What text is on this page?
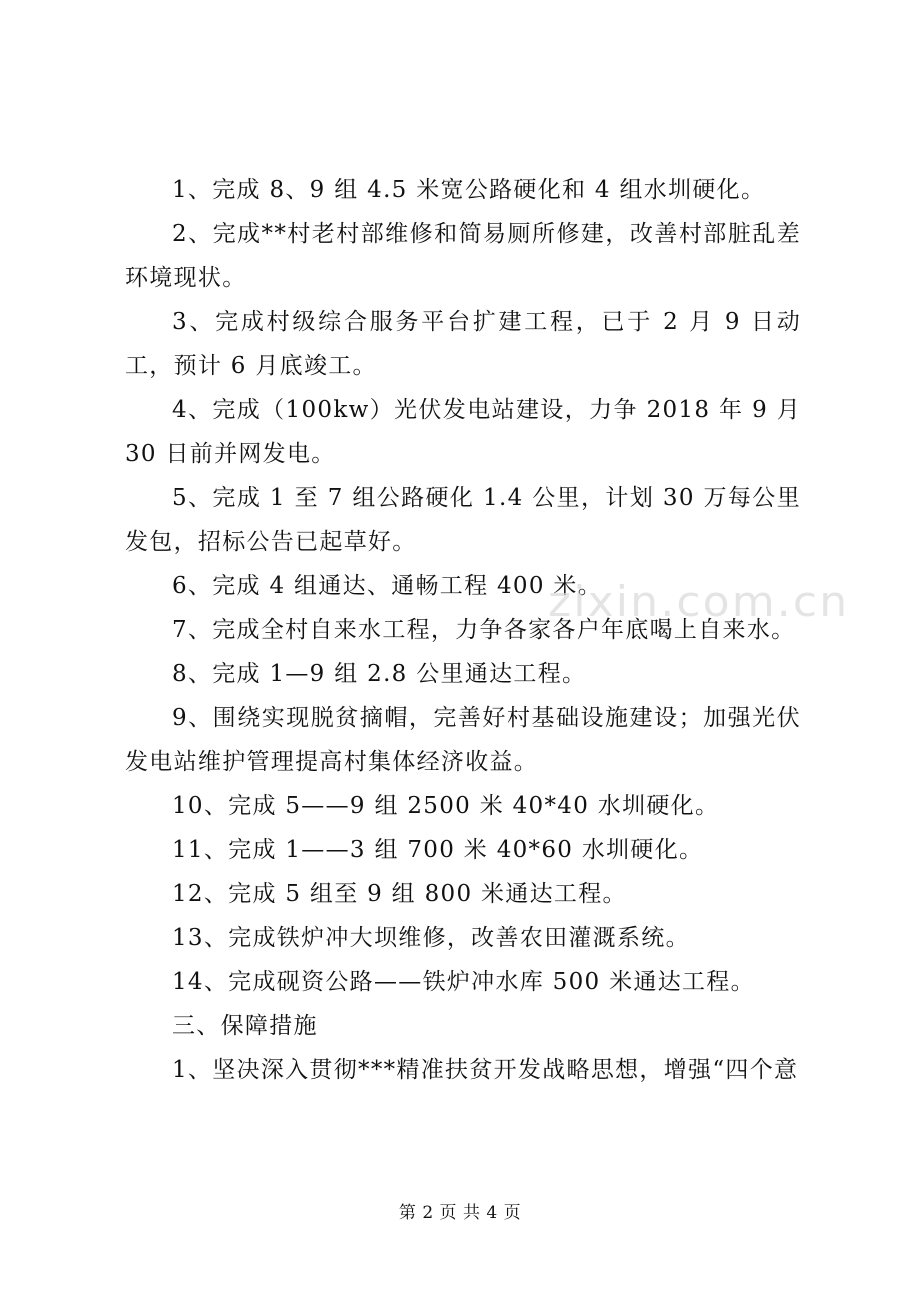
1、完成 8、9 组 4.5 米宽公路硬化和 4 组水圳硬化。

2、完成**村老村部维修和简易厕所修建，改善村部脏乱差环境现状。

3、完成村级综合服务平台扩建工程，已于 2 月 9 日动工，预计 6 月底竣工。

4、完成（100kw）光伏发电站建设，力争 2018 年 9 月 30 日前并网发电。

5、完成 1 至 7 组公路硬化 1.4 公里，计划 30 万每公里发包，招标公告已起草好。

6、完成 4 组通达、通畅工程 400 米。

7、完成全村自来水工程，力争各家各户年底喝上自来水。

8、完成 1—9 组 2.8 公里通达工程。

9、围绕实现脱贫摘帽，完善好村基础设施建设；加强光伏发电站维护管理提高村集体经济收益。

10、完成 5——9 组 2500 米 40*40 水圳硬化。

11、完成 1——3 组 700 米 40*60 水圳硬化。

12、完成 5 组至 9 组 800 米通达工程。

13、完成铁炉冲大坝维修，改善农田灌溉系统。

14、完成砚资公路——铁炉冲水库 500 米通达工程。

三、保障措施

1、坚决深入贯彻***精准扶贫开发战略思想，增强“四个意

zixin.com.cn
第 2 页 共 4 页
